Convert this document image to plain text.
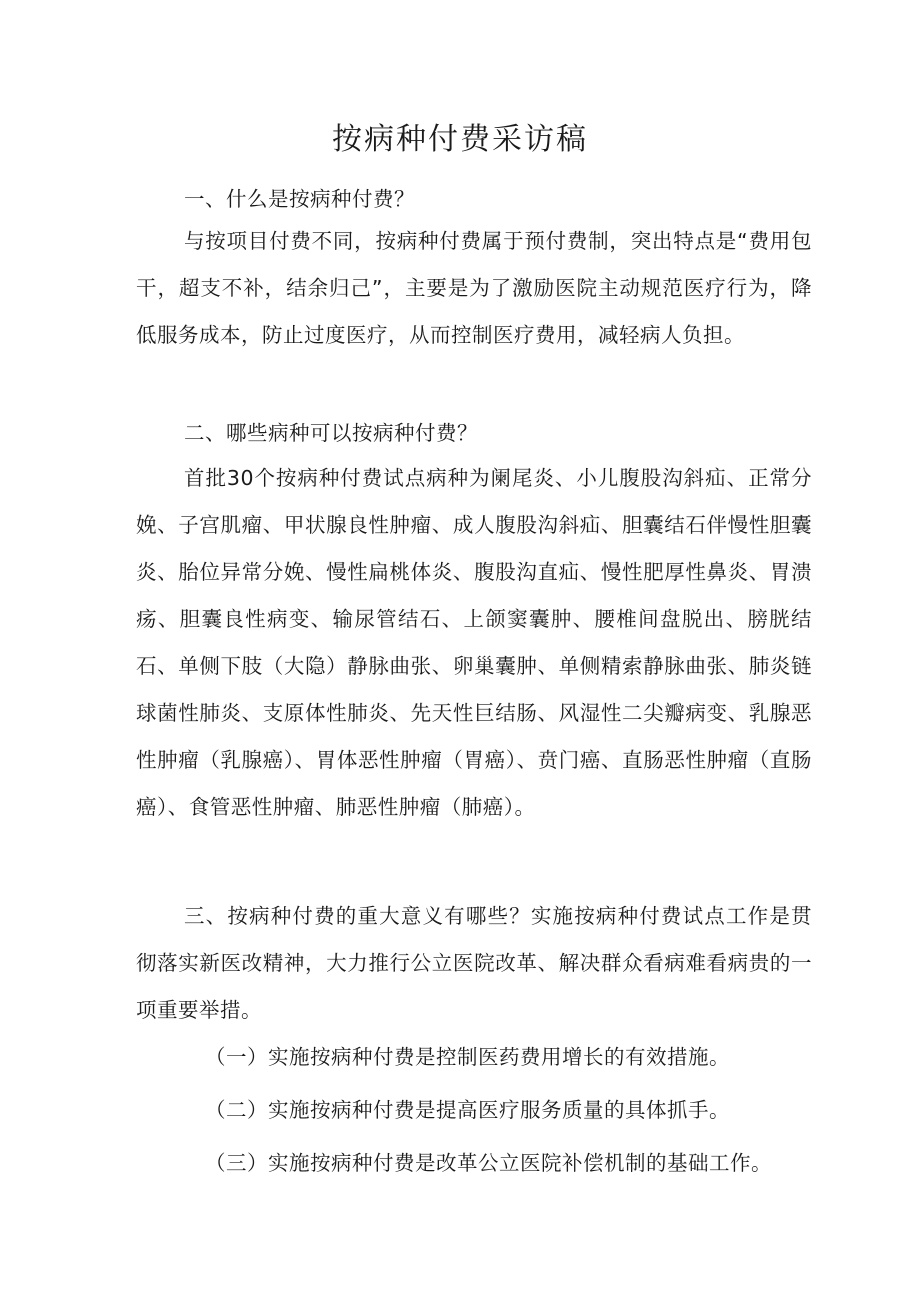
按病种付费采访稿

一、什么是按病种付费？

与按项目付费不同，按病种付费属于预付费制，突出特点是“费用包干，超支不补，结余归己”，主要是为了激励医院主动规范医疗行为，降低服务成本，防止过度医疗，从而控制医疗费用，减轻病人负担。

二、哪些病种可以按病种付费？

首批30个按病种付费试点病种为阑尾炎、小儿腹股沟斜疝、正常分娩、子宫肌瘤、甲状腺良性肿瘤、成人腹股沟斜疝、胆囊结石伴慢性胆囊炎、胎位异常分娩、慢性扁桃体炎、腹股沟直疝、慢性肥厚性鼻炎、胃溃疡、胆囊良性病变、输尿管结石、上颌窦囊肿、腰椎间盘脱出、膀胱结石、单侧下肢（大隐）静脉曲张、卵巢囊肿、单侧精索静脉曲张、肺炎链球菌性肺炎、支原体性肺炎、先天性巨结肠、风湿性二尖瓣病变、乳腺恶性肿瘤（乳腺癌）、胃体恶性肿瘤（胃癌）、贲门癌、直肠恶性肿瘤（直肠癌）、食管恶性肿瘤、肺恶性肿瘤（肺癌）。

三、按病种付费的重大意义有哪些？实施按病种付费试点工作是贯彻落实新医改精神，大力推行公立医院改革、解决群众看病难看病贵的一项重要举措。

（一）实施按病种付费是控制医药费用增长的有效措施。

（二）实施按病种付费是提高医疗服务质量的具体抓手。

（三）实施按病种付费是改革公立医院补偿机制的基础工作。
